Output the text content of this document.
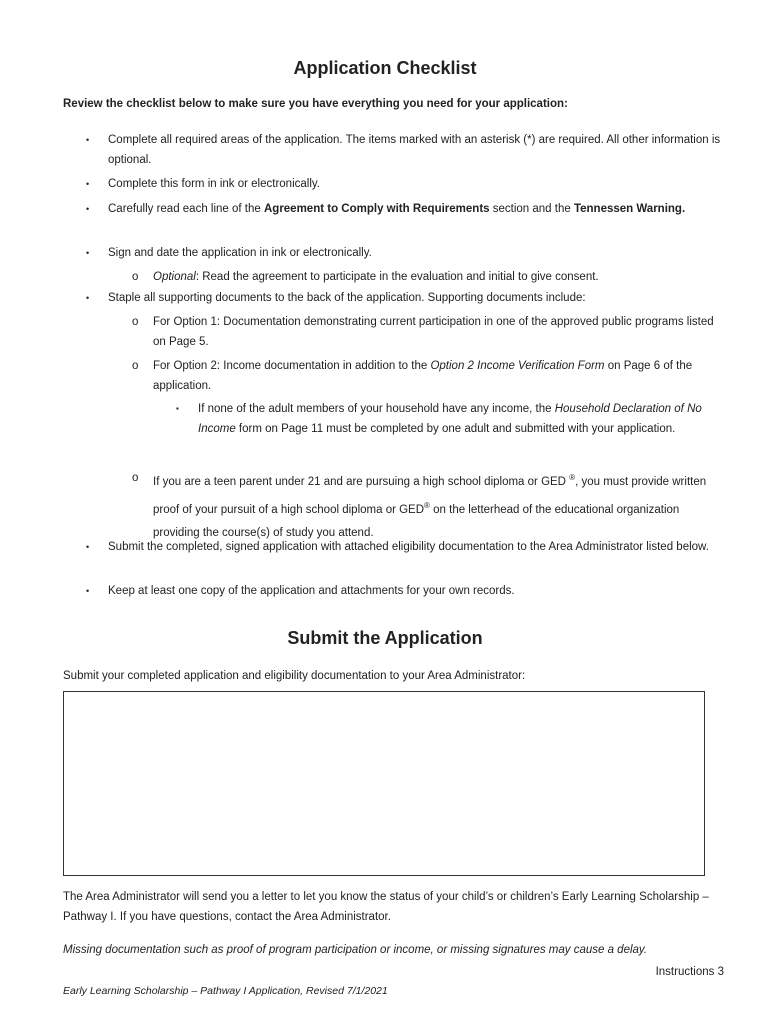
Application Checklist
Review the checklist below to make sure you have everything you need for your application:
• Complete all required areas of the application. The items marked with an asterisk (*) are required. All other information is optional.
• Complete this form in ink or electronically.
• Carefully read each line of the Agreement to Comply with Requirements section and the Tennessen Warning.
• Sign and date the application in ink or electronically.
o Optional: Read the agreement to participate in the evaluation and initial to give consent.
• Staple all supporting documents to the back of the application. Supporting documents include:
o For Option 1: Documentation demonstrating current participation in one of the approved public programs listed on Page 5.
o For Option 2: Income documentation in addition to the Option 2 Income Verification Form on Page 6 of the application.
▪ If none of the adult members of your household have any income, the Household Declaration of No Income form on Page 11 must be completed by one adult and submitted with your application.
o If you are a teen parent under 21 and are pursuing a high school diploma or GED ®, you must provide written proof of your pursuit of a high school diploma or GED® on the letterhead of the educational organization providing the course(s) of study you attend.
• Submit the completed, signed application with attached eligibility documentation to the Area Administrator listed below.
• Keep at least one copy of the application and attachments for your own records.
Submit the Application
Submit your completed application and eligibility documentation to your Area Administrator:
The Area Administrator will send you a letter to let you know the status of your child’s or children’s Early Learning Scholarship – Pathway I. If you have questions, contact the Area Administrator.
Missing documentation such as proof of program participation or income, or missing signatures may cause a delay.
Instructions 3
Early Learning Scholarship – Pathway I Application, Revised 7/1/2021
